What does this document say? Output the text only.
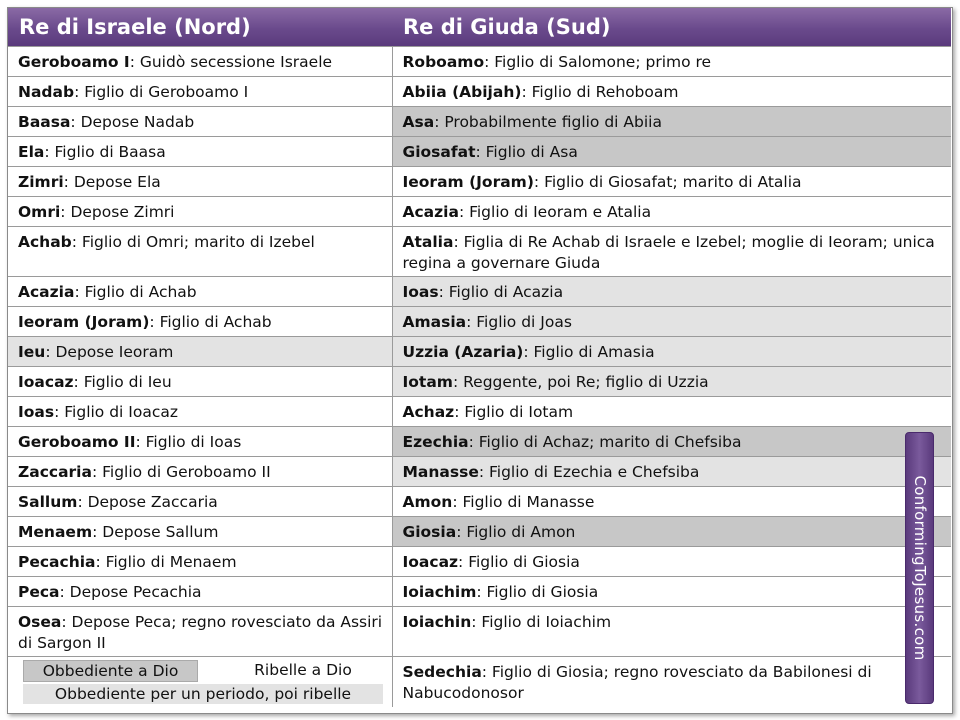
Re di Israele (Nord)	Re di Giuda (Sud)
Geroboamo I: Guidò secessione Israele	Roboamo: Figlio di Salomone; primo re
Nadab: Figlio di Geroboamo I	Abiia (Abijah): Figlio di Rehoboam
Baasa: Depose Nadab	Asa: Probabilmente figlio di Abiia
Ela: Figlio di Baasa	Giosafat: Figlio di Asa
Zimri: Depose Ela	Ieoram (Joram): Figlio di Giosafat; marito di Atalia
Omri: Depose Zimri	Acazia: Figlio di Ieoram e Atalia
Achab: Figlio di Omri; marito di Izebel	Atalia: Figlia di Re Achab di Israele e Izebel; moglie di Ieoram; unica regina a governare Giuda
Acazia: Figlio di Achab	Ioas: Figlio di Acazia
Ieoram (Joram): Figlio di Achab	Amasia: Figlio di Joas
Ieu: Depose Ieoram	Uzzia (Azaria): Figlio di Amasia
Ioacaz: Figlio di Ieu	Iotam: Reggente, poi Re; figlio di Uzzia
Ioas: Figlio di Ioacaz	Achaz: Figlio di Iotam
Geroboamo II: Figlio di Ioas	Ezechia: Figlio di Achaz; marito di Chefsiba
Zaccaria: Figlio di Geroboamo II	Manasse: Figlio di Ezechia e Chefsiba
Sallum: Depose Zaccaria	Amon: Figlio di Manasse
Menaem: Depose Sallum	Giosia: Figlio di Amon
Pecachia: Figlio di Menaem	Ioacaz: Figlio di Giosia
Peca: Depose Pecachia	Ioiachim: Figlio di Giosia
Osea: Depose Peca; regno rovesciato da Assiri di Sargon II	Ioiachin: Figlio di Ioiachim

Obbediente a Dio Ribelle a Dio
Obbediente per un periodo, poi ribelle	Sedechia: Figlio di Giosia; regno rovesciato da Babilonesi di Nabucodonosor
ConformingToJesus.com
